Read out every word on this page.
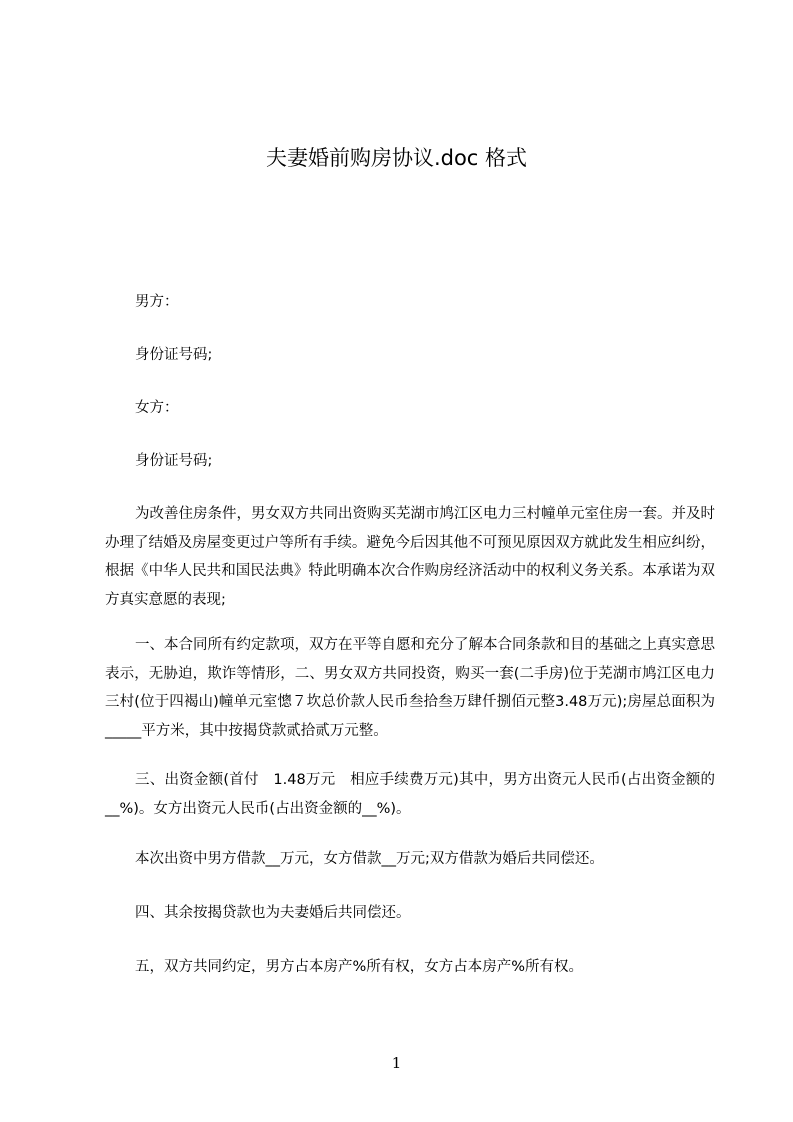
夫妻婚前购房协议.doc 格式

男方：

身份证号码;

女方：

身份证号码;

为改善住房条件，男女双方共同出资购买芜湖市鸠江区电力三村幢单元室住房一套。并及时办理了结婚及房屋变更过户等所有手续。避免今后因其他不可预见原因双方就此发生相应纠纷，根据《中华人民共和国民法典》特此明确本次合作购房经济活动中的权利义务关系。本承诺为双方真实意愿的表现;

一、本合同所有约定款项，双方在平等自愿和充分了解本合同条款和目的基础之上真实意思表示，无胁迫，欺诈等情形，二、男女双方共同投资，购买一套(二手房)位于芜湖市鸠江区电力三村(位于四褐山)幢单元室憁７坎总价款人民币叁拾叁万肆仟捌佰元整3.48万元);房屋总面积为_____平方米，其中按揭贷款贰拾贰万元整。

三、出资金额(首付　1.48万元　相应手续费万元)其中，男方出资元人民币(占出资金额的__%)。女方出资元人民币(占出资金额的__%)。

本次出资中男方借款__万元，女方借款__万元;双方借款为婚后共同偿还。

四、其余按揭贷款也为夫妻婚后共同偿还。

五，双方共同约定，男方占本房产%所有权，女方占本房产%所有权。

1
